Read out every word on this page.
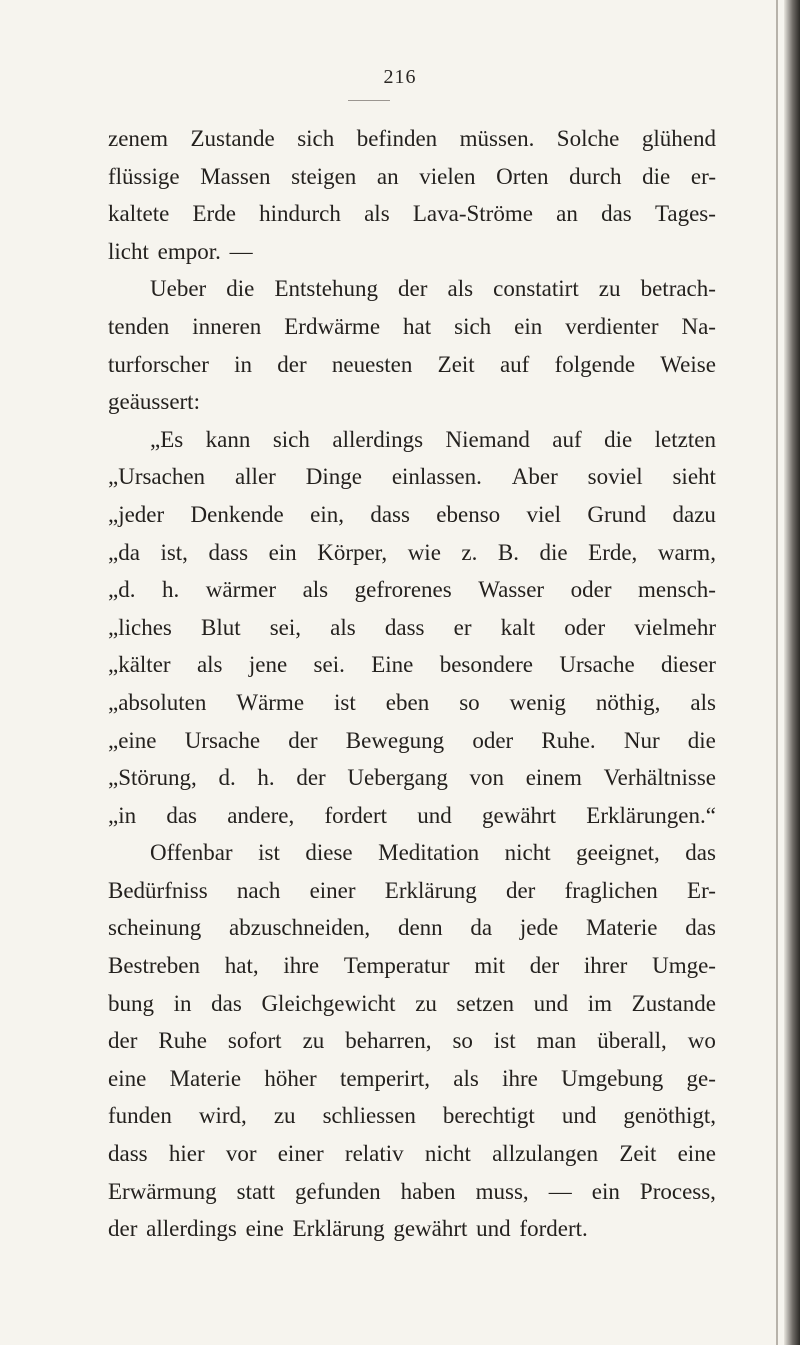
216
zenem Zustande sich befinden müssen. Solche glühend
flüssige Massen steigen an vielen Orten durch die er-
kaltete Erde hindurch als Lava-Ströme an das Tages-
licht empor. —
Ueber die Entstehung der als constatirt zu betrach-
tenden inneren Erdwärme hat sich ein verdienter Na-
turforscher in der neuesten Zeit auf folgende Weise
geäussert:
„Es kann sich allerdings Niemand auf die letzten
„Ursachen aller Dinge einlassen. Aber soviel sieht
„jeder Denkende ein, dass ebenso viel Grund dazu
„da ist, dass ein Körper, wie z. B. die Erde, warm,
„d. h. wärmer als gefrorenes Wasser oder mensch-
„liches Blut sei, als dass er kalt oder vielmehr
„kälter als jene sei. Eine besondere Ursache dieser
„absoluten Wärme ist eben so wenig nöthig, als
„eine Ursache der Bewegung oder Ruhe. Nur die
„Störung, d. h. der Uebergang von einem Verhältnisse
„in das andere, fordert und gewährt Erklärungen.“
Offenbar ist diese Meditation nicht geeignet, das
Bedürfniss nach einer Erklärung der fraglichen Er-
scheinung abzuschneiden, denn da jede Materie das
Bestreben hat, ihre Temperatur mit der ihrer Umge-
bung in das Gleichgewicht zu setzen und im Zustande
der Ruhe sofort zu beharren, so ist man überall, wo
eine Materie höher temperirt, als ihre Umgebung ge-
funden wird, zu schliessen berechtigt und genöthigt,
dass hier vor einer relativ nicht allzulangen Zeit eine
Erwärmung statt gefunden haben muss, — ein Process,
der allerdings eine Erklärung gewährt und fordert.
